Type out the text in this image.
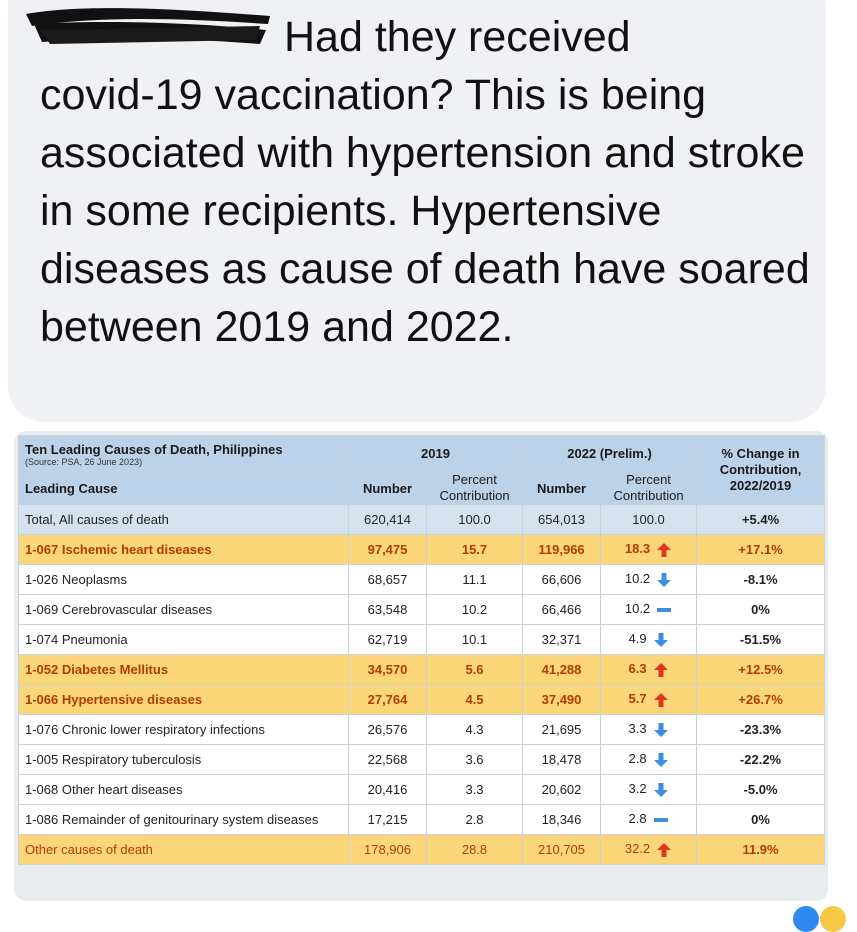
Had they received
covid-19 vaccination? This is being associated with hypertension and stroke in some recipients. Hypertensive diseases as cause of death have soared between 2019 and 2022.
Ten Leading Causes of Death, Philippines
(Source: PSA, 26 June 2023)	2019		2022 (Prelim.)		% Change in Contribution, 2022/2019
Leading Cause	Number	Percent Contribution	Number	Percent Contribution	
Total, All causes of death	620,414	100.0	654,013	100.0	+5.4%
1-067 Ischemic heart diseases	97,475	15.7	119,966	18.3	+17.1%
1-026 Neoplasms	68,657	11.1	66,606	10.2	-8.1%
1-069 Cerebrovascular diseases	63,548	10.2	66,466	10.2	0%
1-074 Pneumonia	62,719	10.1	32,371	4.9	-51.5%
1-052 Diabetes Mellitus	34,570	5.6	41,288	6.3	+12.5%
1-066 Hypertensive diseases	27,764	4.5	37,490	5.7	+26.7%
1-076 Chronic lower respiratory infections	26,576	4.3	21,695	3.3	-23.3%
1-005 Respiratory tuberculosis	22,568	3.6	18,478	2.8	-22.2%
1-068 Other heart diseases	20,416	3.3	20,602	3.2	-5.0%
1-086 Remainder of genitourinary system diseases	17,215	2.8	18,346	2.8	0%
Other causes of death	178,906	28.8	210,705	32.2	11.9%
